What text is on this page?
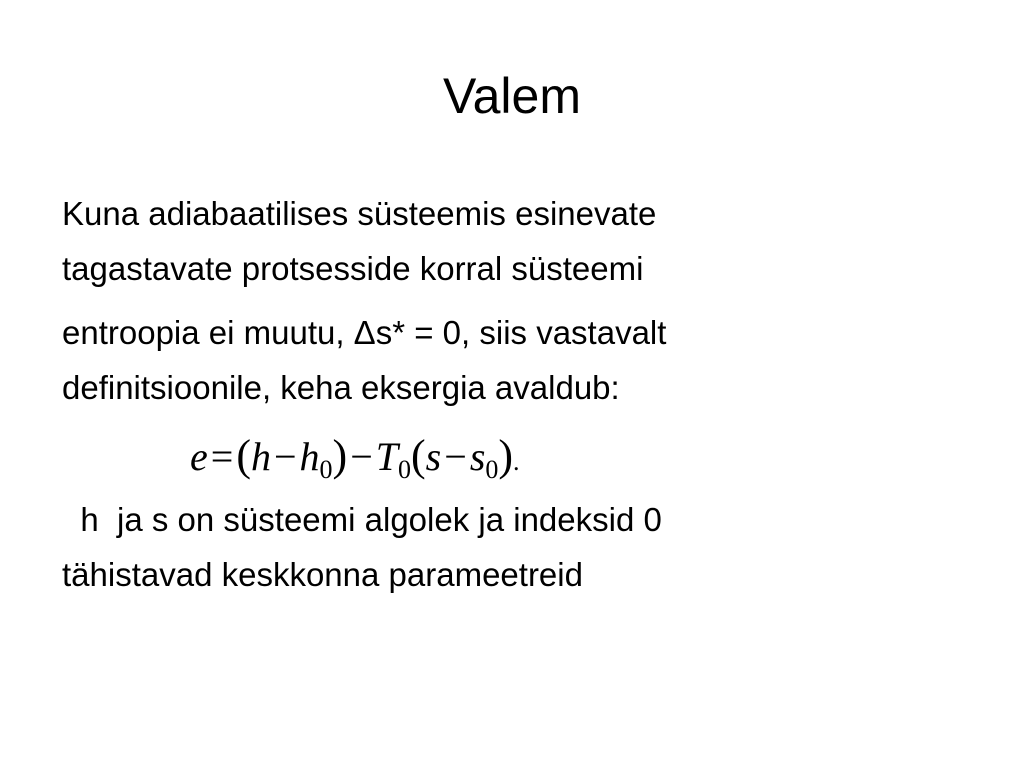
Valem
Kuna adiabaatilises süsteemis esinevate
tagastavate protsesside korral süsteemi
entroopia ei muutu, Δs* = 0, siis vastavalt
definitsioonile, keha eksergia avaldub:
$e=(h-h_0)-T_0(s-s_0)$.
h  ja s on süsteemi algolek ja indeksid 0
tähistavad keskkonna parameetreid
